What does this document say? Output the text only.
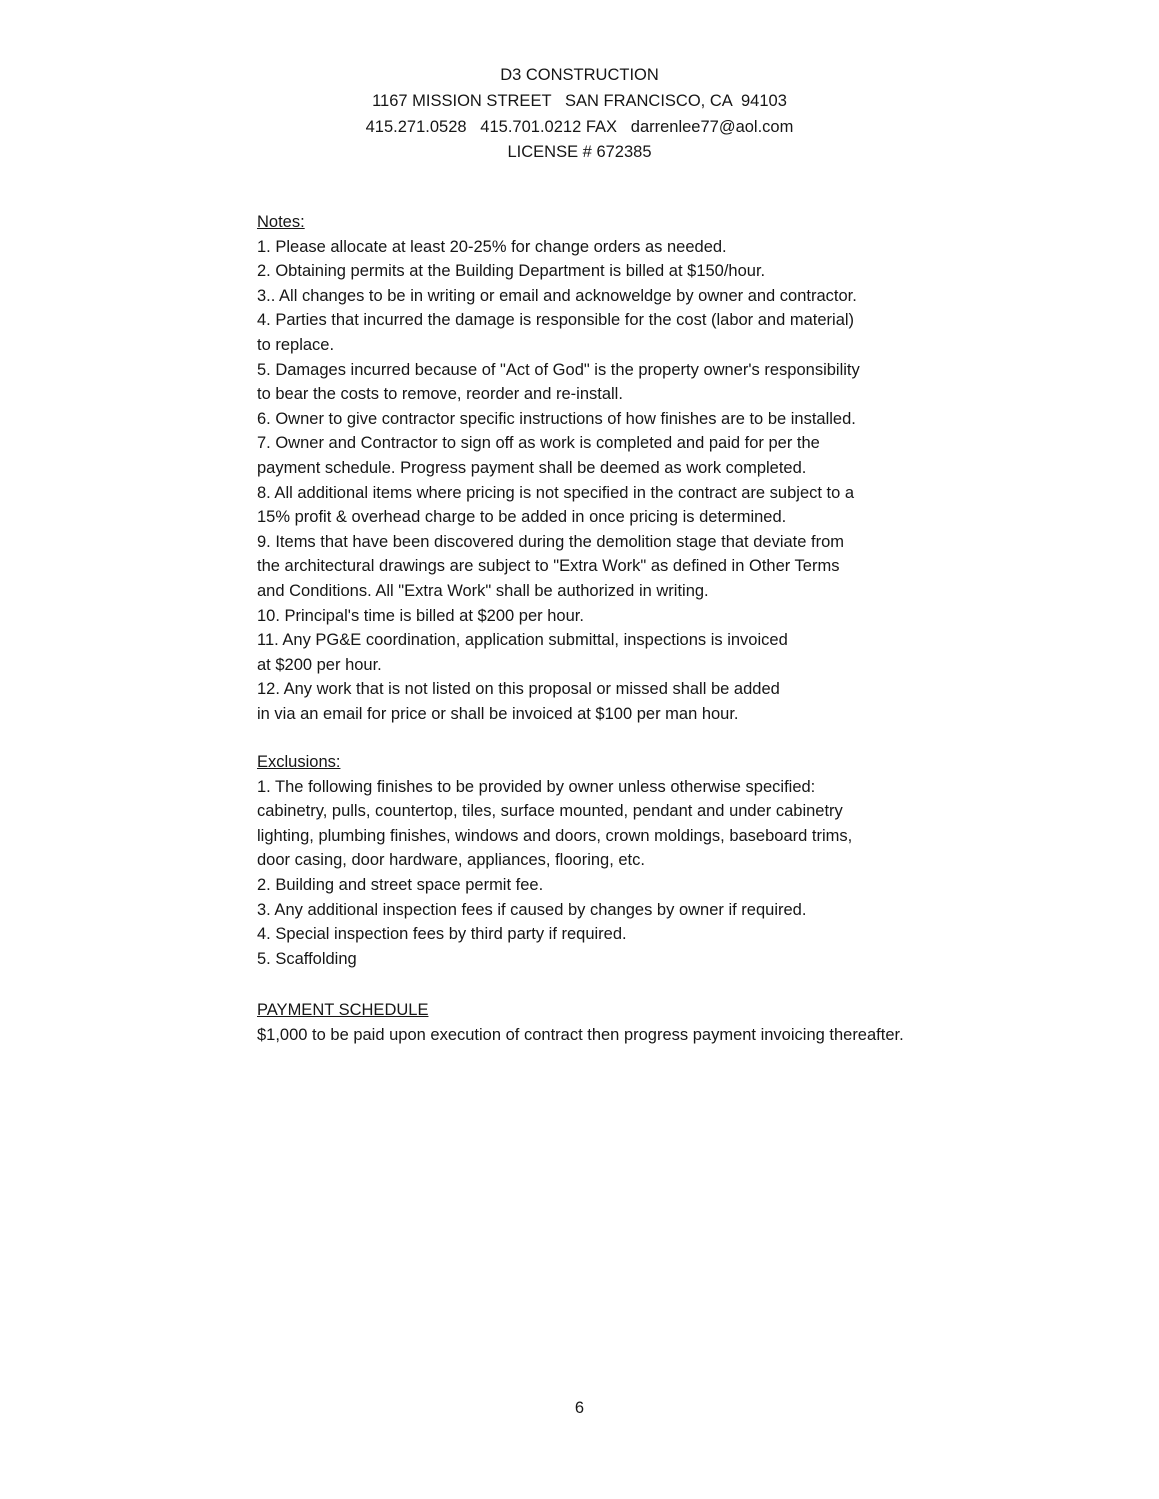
D3 CONSTRUCTION
1167 MISSION STREET   SAN FRANCISCO, CA  94103
415.271.0528   415.701.0212 FAX   darrenlee77@aol.com
LICENSE # 672385
Notes:
1. Please allocate at least 20-25% for change orders as needed.
2. Obtaining permits at the Building Department is billed at $150/hour.
3.. All changes to be in writing or email and acknoweldge by owner and contractor.
4. Parties that incurred the damage is responsible for the cost (labor and material)
to replace.
5. Damages incurred because of "Act of God" is the property owner's responsibility
to bear the costs to remove, reorder and re-install.
6. Owner to give contractor specific instructions of how finishes are to be installed.
7. Owner and Contractor to sign off as work is completed and paid for per the
payment schedule. Progress payment shall be deemed as work completed.
8. All additional items where pricing is not specified in the contract are subject to a
15% profit & overhead charge to be added in once pricing is determined.
9. Items that have been discovered during the demolition stage that deviate from
the architectural drawings are subject to "Extra Work" as defined in Other Terms
and Conditions. All "Extra Work" shall be authorized in writing.
10. Principal's time is billed at $200 per hour.
11. Any PG&E coordination, application submittal, inspections is invoiced
at $200 per hour.
12. Any work that is not listed on this proposal or missed shall be added
in via an email for price or shall be invoiced at $100 per man hour.
Exclusions:
1. The following finishes to be provided by owner unless otherwise specified:
cabinetry, pulls, countertop, tiles, surface mounted, pendant and under cabinetry
lighting, plumbing finishes, windows and doors, crown moldings, baseboard trims,
door casing, door hardware, appliances, flooring, etc.
2. Building and street space permit fee.
3. Any additional inspection fees if caused by changes by owner if required.
4. Special inspection fees by third party if required.
5. Scaffolding
PAYMENT SCHEDULE
$1,000 to be paid upon execution of contract then progress payment invoicing thereafter.
6
